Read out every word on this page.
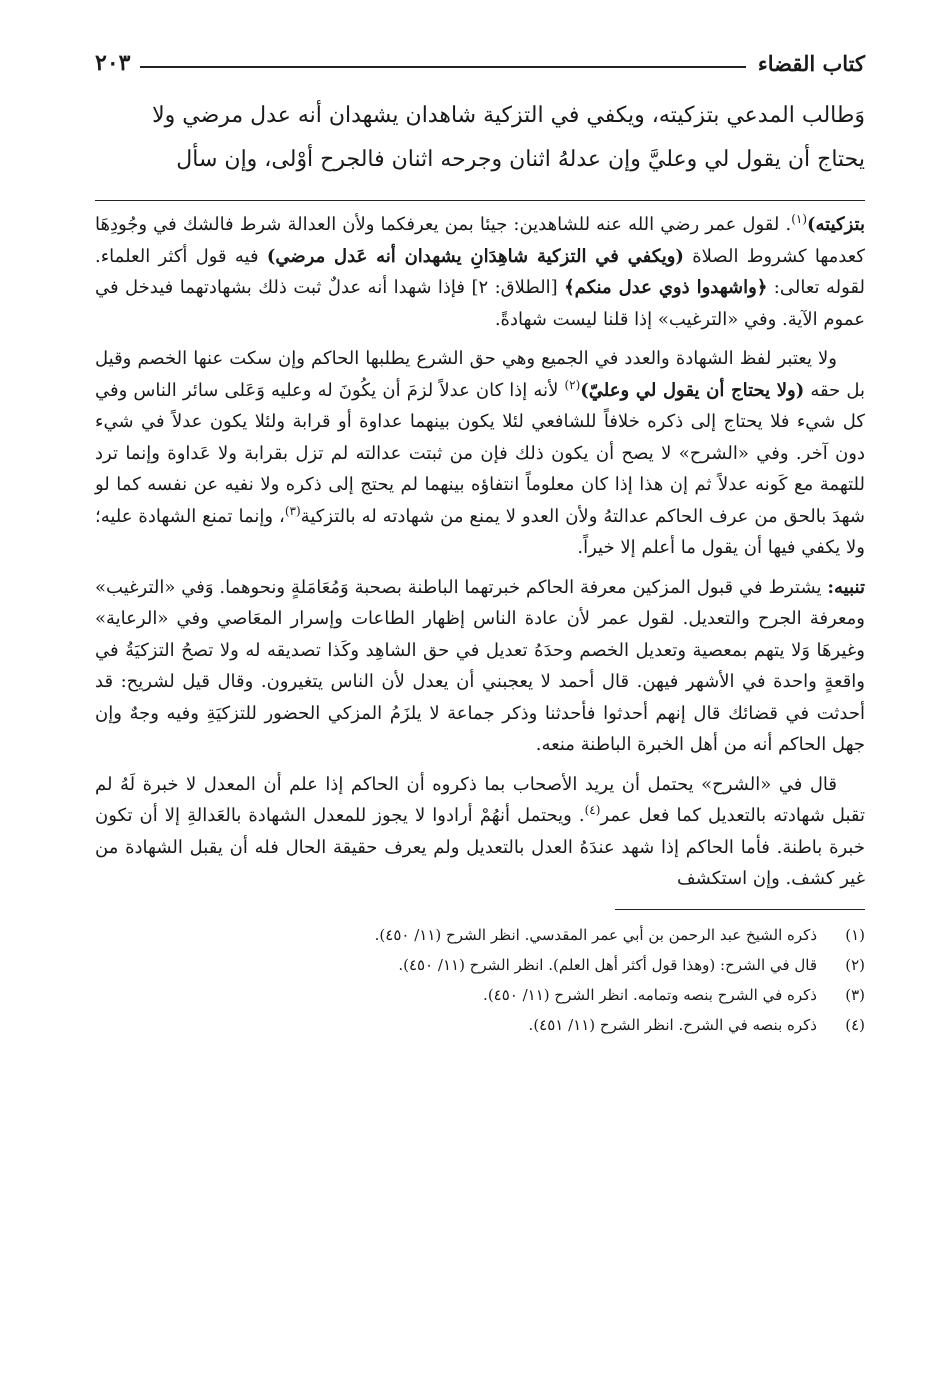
كتاب القضاء
٢٠٣

وَطالب المدعي بتزكيته، ويكفي في التزكية شاهدان يشهدان أنه عدل مرضي ولا

يحتاج أن يقول لي وعليَّ وإن عدلهُ اثنان وجرحه اثنان فالجرح أوْلى، وإن سأل

بتزكيته)$^{(١)}$. لقول عمر رضي الله عنه للشاهدين: جيئا بمن يعرفكما ولأن العدالة شرط فالشك في وجُودِهَا كعدمها كشروط الصلاة (ويكفي في التزكية شاهِدَانِ يشهدان أنه عَدل مرضي) فيه قول أكثر العلماء. لقوله تعالى: ﴿واشهدوا ذوي عدل منكم﴾ [الطلاق: ٢] فإذا شهدا أنه عدلٌ ثبت ذلك بشهادتهما فيدخل في عموم الآية. وفي «الترغيب» إذا قلنا ليست شهادةً.

ولا يعتبر لفظ الشهادة والعدد في الجميع وهي حق الشرع يطلبها الحاكم وإن سكت عنها الخصم وقيل بل حقه (ولا يحتاج أن يقول لي وعليّ)$^{(٢)}$ لأنه إذا كان عدلاً لزمَ أن يكُونَ له وعليه وَعَلى سائر الناس وفي كل شيء فلا يحتاج إلى ذكره خلافاً للشافعي لئلا يكون بينهما عداوة أو قرابة ولئلا يكون عدلاً في شيء دون آخر. وفي «الشرح» لا يصح أن يكون ذلك فإن من ثبتت عدالته لم تزل بقرابة ولا عَداوة وإنما ترد للتهمة مع كَونه عدلاً ثم إن هذا إذا كان معلوماً انتفاؤه بينهما لم يحتج إلى ذكره ولا نفيه عن نفسه كما لو شهدَ بالحق من عرف الحاكم عدالتهُ ولأن العدو لا يمنع من شهادته له بالتزكية$^{(٣)}$، وإنما تمنع الشهادة عليه؛ ولا يكفي فيها أن يقول ما أعلم إلا خيراً.

تنبيه: يشترط في قبول المزكين معرفة الحاكم خبرتهما الباطنة بصحبة وَمُعَامَلةٍ ونحوهما. وَفي «الترغيب» ومعرفة الجرح والتعديل. لقول عمر لأن عادة الناس إظهار الطاعات وإسرار المعَاصي وفي «الرعاية» وغيرهَا وَلا يتهم بمعصية وتعديل الخصم وحدَهُ تعديل في حق الشاهِد وكَذا تصديقه له ولا تصحُ التزكيَةُ في واقعةٍ واحدة في الأشهر فيهن. قال أحمد لا يعجبني أن يعدل لأن الناس يتغيرون. وقال قيل لشريح: قد أحدثت في قضائك قال إنهم أحدثوا فأحدثنا وذكر جماعة لا يلزَمُ المزكي الحضور للتزكيَةِ وفيه وجهٌ وإن جهل الحاكم أنه من أهل الخبرة الباطنة منعه.

قال في «الشرح» يحتمل أن يريد الأصحاب بما ذكروه أن الحاكم إذا علم أن المعدل لا خبرة لَهُ لم تقبل شهادته بالتعديل كما فعل عمر$^{(٤)}$. ويحتمل أنهُمْ أرادوا لا يجوز للمعدل الشهادة بالعَدالةِ إلا أن تكون خبرة باطنة. فأما الحاكم إذا شهد عندَهُ العدل بالتعديل ولم يعرف حقيقة الحال فله أن يقبل الشهادة من غير كشف. وإن استكشف

(١)
ذكره الشيخ عبد الرحمن بن أبي عمر المقدسي. انظر الشرح (١١/ ٤٥٠).
(٢)
قال في الشرح: (وهذا قول أكثر أهل العلم). انظر الشرح (١١/ ٤٥٠).
(٣)
ذكره في الشرح بنصه وتمامه. انظر الشرح (١١/ ٤٥٠).
(٤)
ذكره بنصه في الشرح. انظر الشرح (١١/ ٤٥١).
